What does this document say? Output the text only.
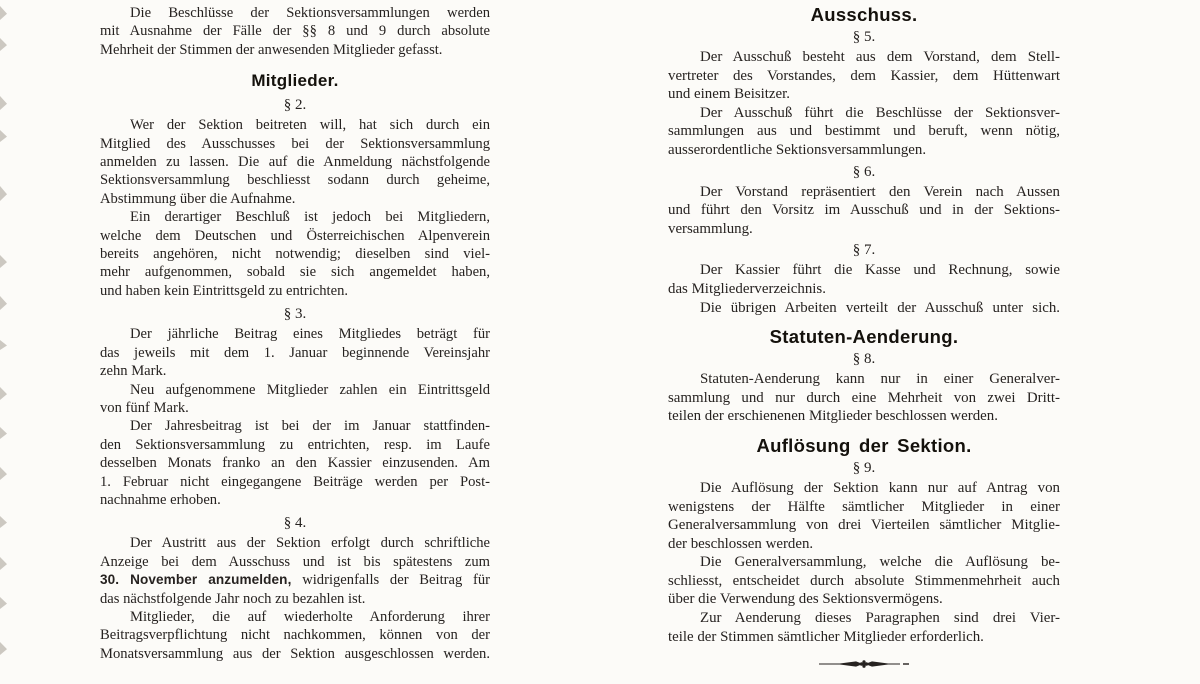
Die Beschlüsse der Sektionsversammlungen werden
mit Ausnahme der Fälle der §§ 8 und 9 durch absolute
Mehrheit der Stimmen der anwesenden Mitglieder gefasst.
Mitglieder.
§ 2.
Wer der Sektion beitreten will, hat sich durch ein
Mitglied des Ausschusses bei der Sektionsversammlung
anmelden zu lassen. Die auf die Anmeldung nächstfolgende
Sektionsversammlung beschliesst sodann durch geheime,
Abstimmung über die Aufnahme.
Ein derartiger Beschluß ist jedoch bei Mitgliedern,
welche dem Deutschen und Österreichischen Alpenverein
bereits angehören, nicht notwendig; dieselben sind viel-
mehr aufgenommen, sobald sie sich angemeldet haben,
und haben kein Eintrittsgeld zu entrichten.
§ 3.
Der jährliche Beitrag eines Mitgliedes beträgt für
das jeweils mit dem 1. Januar beginnende Vereinsjahr
zehn Mark.
Neu aufgenommene Mitglieder zahlen ein Eintrittsgeld
von fünf Mark.
Der Jahresbeitrag ist bei der im Januar stattfinden-
den Sektionsversammlung zu entrichten, resp. im Laufe
desselben Monats franko an den Kassier einzusenden. Am
1. Februar nicht eingegangene Beiträge werden per Post-
nachnahme erhoben.
§ 4.
Der Austritt aus der Sektion erfolgt durch schriftliche
Anzeige bei dem Ausschuss und ist bis spätestens zum
30. November anzumelden, widrigenfalls der Beitrag für
das nächstfolgende Jahr noch zu bezahlen ist.
Mitglieder, die auf wiederholte Anforderung ihrer
Beitragsverpflichtung nicht nachkommen, können von der
Monatsversammlung aus der Sektion ausgeschlossen werden.
Ausschuss.
§ 5.
Der Ausschuß besteht aus dem Vorstand, dem Stell-
vertreter des Vorstandes, dem Kassier, dem Hüttenwart
und einem Beisitzer.
Der Ausschuß führt die Beschlüsse der Sektionsver-
sammlungen aus und bestimmt und beruft, wenn nötig,
ausserordentliche Sektionsversammlungen.
§ 6.
Der Vorstand repräsentiert den Verein nach Aussen
und führt den Vorsitz im Ausschuß und in der Sektions-
versammlung.
§ 7.
Der Kassier führt die Kasse und Rechnung, sowie
das Mitgliederverzeichnis.
Die übrigen Arbeiten verteilt der Ausschuß unter sich.
Statuten-Aenderung.
§ 8.
Statuten-Aenderung kann nur in einer Generalver-
sammlung und nur durch eine Mehrheit von zwei Dritt-
teilen der erschienenen Mitglieder beschlossen werden.
Auflösung der Sektion.
§ 9.
Die Auflösung der Sektion kann nur auf Antrag von
wenigstens der Hälfte sämtlicher Mitglieder in einer
Generalversammlung von drei Vierteilen sämtlicher Mitglie-
der beschlossen werden.
Die Generalversammlung, welche die Auflösung be-
schliesst, entscheidet durch absolute Stimmenmehrheit auch
über die Verwendung des Sektionsvermögens.
Zur Aenderung dieses Paragraphen sind drei Vier-
teile der Stimmen sämtlicher Mitglieder erforderlich.
